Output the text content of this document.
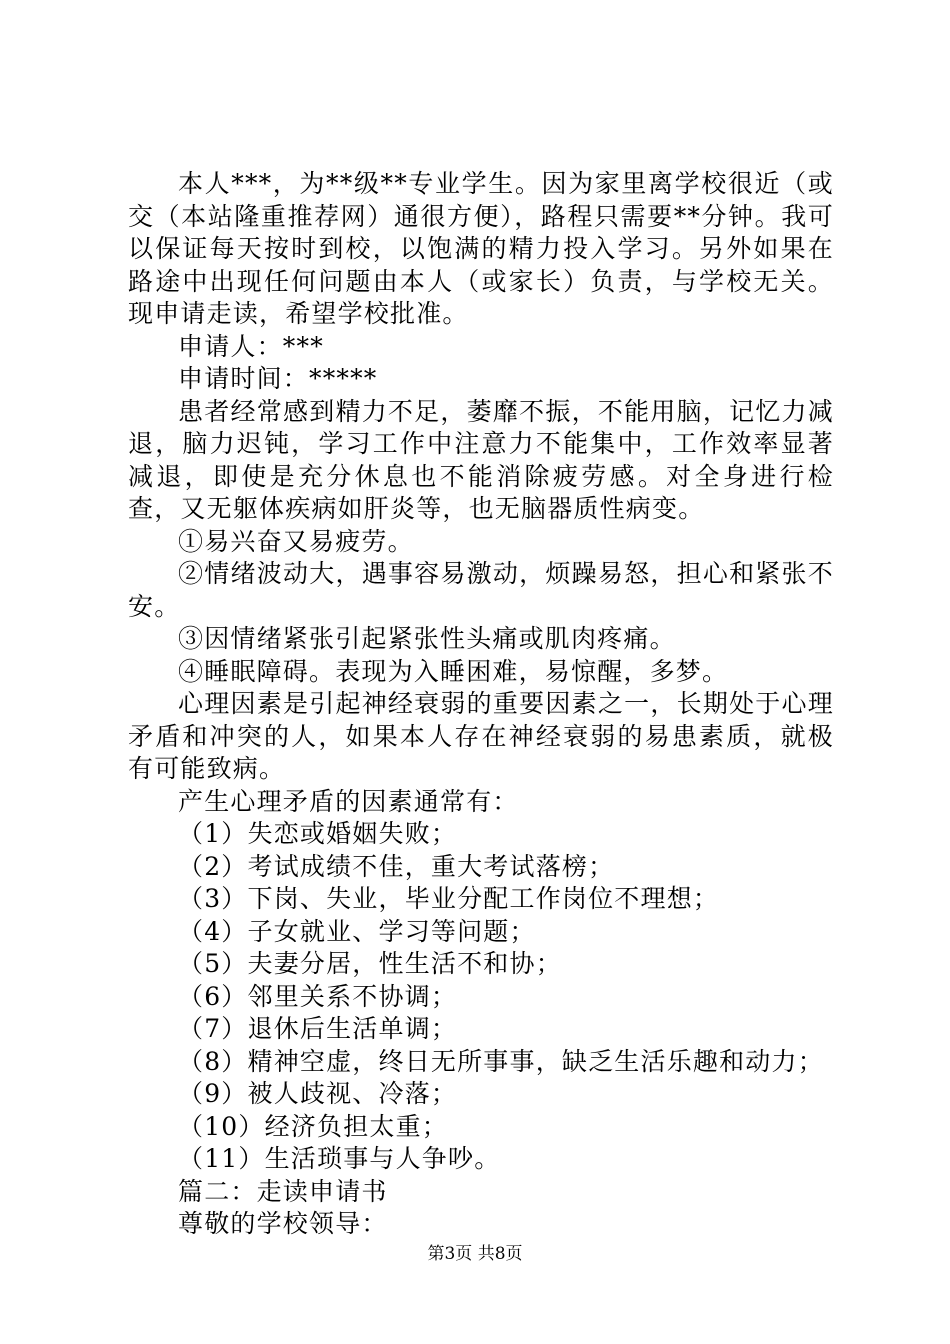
本人***，为**级**专业学生。因为家里离学校很近（或交（本站隆重推荐网）通很方便），路程只需要**分钟。我可以保证每天按时到校，以饱满的精力投入学习。另外如果在路途中出现任何问题由本人（或家长）负责，与学校无关。现申请走读，希望学校批准。

申请人：***

申请时间：*****

患者经常感到精力不足，萎靡不振，不能用脑，记忆力减退，脑力迟钝，学习工作中注意力不能集中，工作效率显著减退，即使是充分休息也不能消除疲劳感。对全身进行检查，又无躯体疾病如肝炎等，也无脑器质性病变。

①易兴奋又易疲劳。

②情绪波动大，遇事容易激动，烦躁易怒，担心和紧张不安。

③因情绪紧张引起紧张性头痛或肌肉疼痛。

④睡眠障碍。表现为入睡困难，易惊醒，多梦。

心理因素是引起神经衰弱的重要因素之一，长期处于心理矛盾和冲突的人，如果本人存在神经衰弱的易患素质，就极有可能致病。

产生心理矛盾的因素通常有：

（1）失恋或婚姻失败；

（2）考试成绩不佳，重大考试落榜；

（3）下岗、失业，毕业分配工作岗位不理想；

（4）子女就业、学习等问题；

（5）夫妻分居，性生活不和协；

（6）邻里关系不协调；

（7）退休后生活单调；

（8）精神空虚，终日无所事事，缺乏生活乐趣和动力；

（9）被人歧视、冷落；

（10）经济负担太重；

（11）生活琐事与人争吵。

篇二：走读申请书

尊敬的学校领导：

第3页 共8页
